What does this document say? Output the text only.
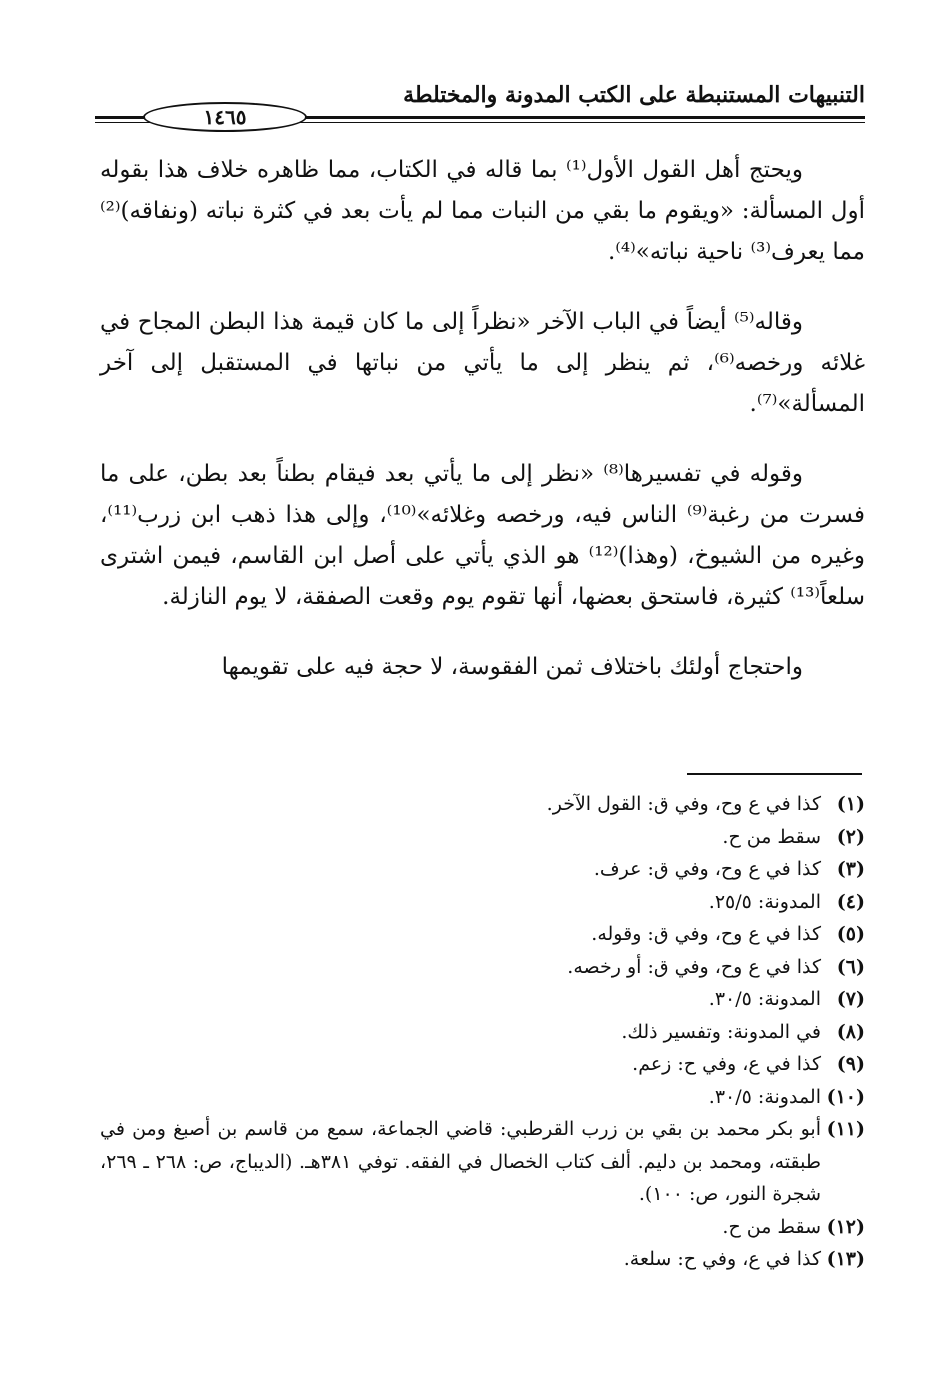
التنبيهات المستنبطة على الكتب المدونة والمختلطة
١٤٦٥

ويحتج أهل القول الأول⁽¹⁾ بما قاله في الكتاب، مما ظاهره خلاف هذا بقوله أول المسألة: «ويقوم ما بقي من النبات مما لم يأت بعد في كثرة نباته (ونفاقه)⁽²⁾ مما يعرف⁽³⁾ ناحية نباته»⁽⁴⁾.

وقاله⁽⁵⁾ أيضاً في الباب الآخر «نظراً إلى ما كان قيمة هذا البطن المجاح في غلائه ورخصه⁽⁶⁾، ثم ينظر إلى ما يأتي من نباتها في المستقبل إلى آخر المسألة»⁽⁷⁾.

وقوله في تفسيرها⁽⁸⁾ «نظر إلى ما يأتي بعد فيقام بطناً بعد بطن، على ما فسرت من رغبة⁽⁹⁾ الناس فيه، ورخصه وغلائه»⁽¹⁰⁾، وإلى هذا ذهب ابن زرب⁽¹¹⁾، وغيره من الشيوخ، (وهذا)⁽¹²⁾ هو الذي يأتي على أصل ابن القاسم، فيمن اشترى سلعاً⁽¹³⁾ كثيرة، فاستحق بعضها، أنها تقوم يوم وقعت الصفقة، لا يوم النازلة.

واحتجاج أولئك باختلاف ثمن الفقوسة، لا حجة فيه على تقويمها

(١)
كذا في ع وح، وفي ق: القول الآخر.
(٢)
سقط من ح.
(٣)
كذا في ع وح، وفي ق: عرف.
(٤)
المدونة: ٢٥/٥.
(٥)
كذا في ع وح، وفي ق: وقوله.
(٦)
كذا في ع وح، وفي ق: أو رخصه.
(٧)
المدونة: ٣٠/٥.
(٨)
في المدونة: وتفسير ذلك.
(٩)
كذا في ع، وفي ح: زعم.
(١٠)
المدونة: ٣٠/٥.
(١١)
أبو بكر محمد بن بقي بن زرب القرطبي: قاضي الجماعة، سمع من قاسم بن أصبغ ومن في طبقته، ومحمد بن دليم. ألف كتاب الخصال في الفقه. توفي ٣٨١هـ. (الديباج، ص: ٢٦٨ ـ ٢٦٩، شجرة النور، ص: ١٠٠).
(١٢)
سقط من ح.
(١٣)
كذا في ع، وفي ح: سلعة.
